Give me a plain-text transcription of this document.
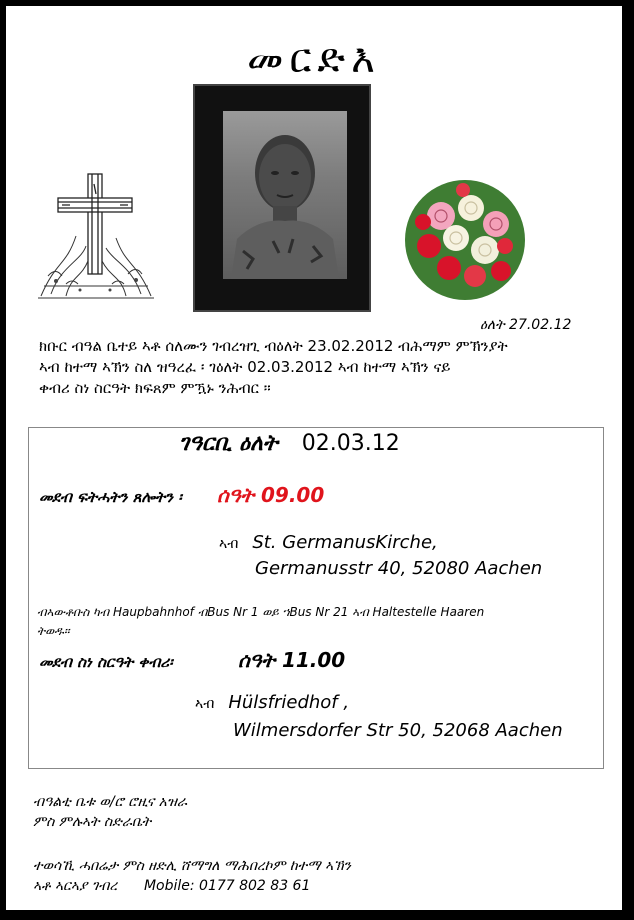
መርድእ
ዕለት 27.02.12
ክቡር ብዓል ቤተይ ኣቶ ሰለሙን ገብረዝጊ ብዕለት 23.02.2012 ብሕማም ምኽንያት
ኣብ ከተማ ኣኽን ስለ ዝዓረፈ ፡ ገዕለት 02.03.2012 ኣብ ከተማ ኣኽን ናይ
ቀብሪ ስነ ስርዓት ክፍጸም ምዃኑ ንሕብር ።
ገዓርቢ ዕለት 02.03.12
መደብ ፍትሓትን ጸሎትን ፡ ሰዓት 09.00
ኣብ St. GermanusKirche,
Germanusstr 40, 52080 Aachen
ብኣውቶቡስ ካብ Haupbahnhof ብBus Nr 1 ወይ ኀBus Nr 21 ኣብ Haltestelle Haaren
ትወዱ።
መደብ ስነ ስርዓት ቀብሪ፡	ሰዓት 11.00
ኣብ Hülsfriedhof ,
Wilmersdorfer Str 50, 52068 Aachen
ብዓልቲ ቤቱ ወ/ሮ ሮዚና አዝራ
ምስ ምሉኣት ስድራቤት
ተወሳኺ ሓበሬታ ምስ ዘድሊ ሸማግለ ማሕበረኮም ከተማ ኣኽን
ኣቶ ኣርኣያ ገብረ      Mobile: 0177 802 83 61
